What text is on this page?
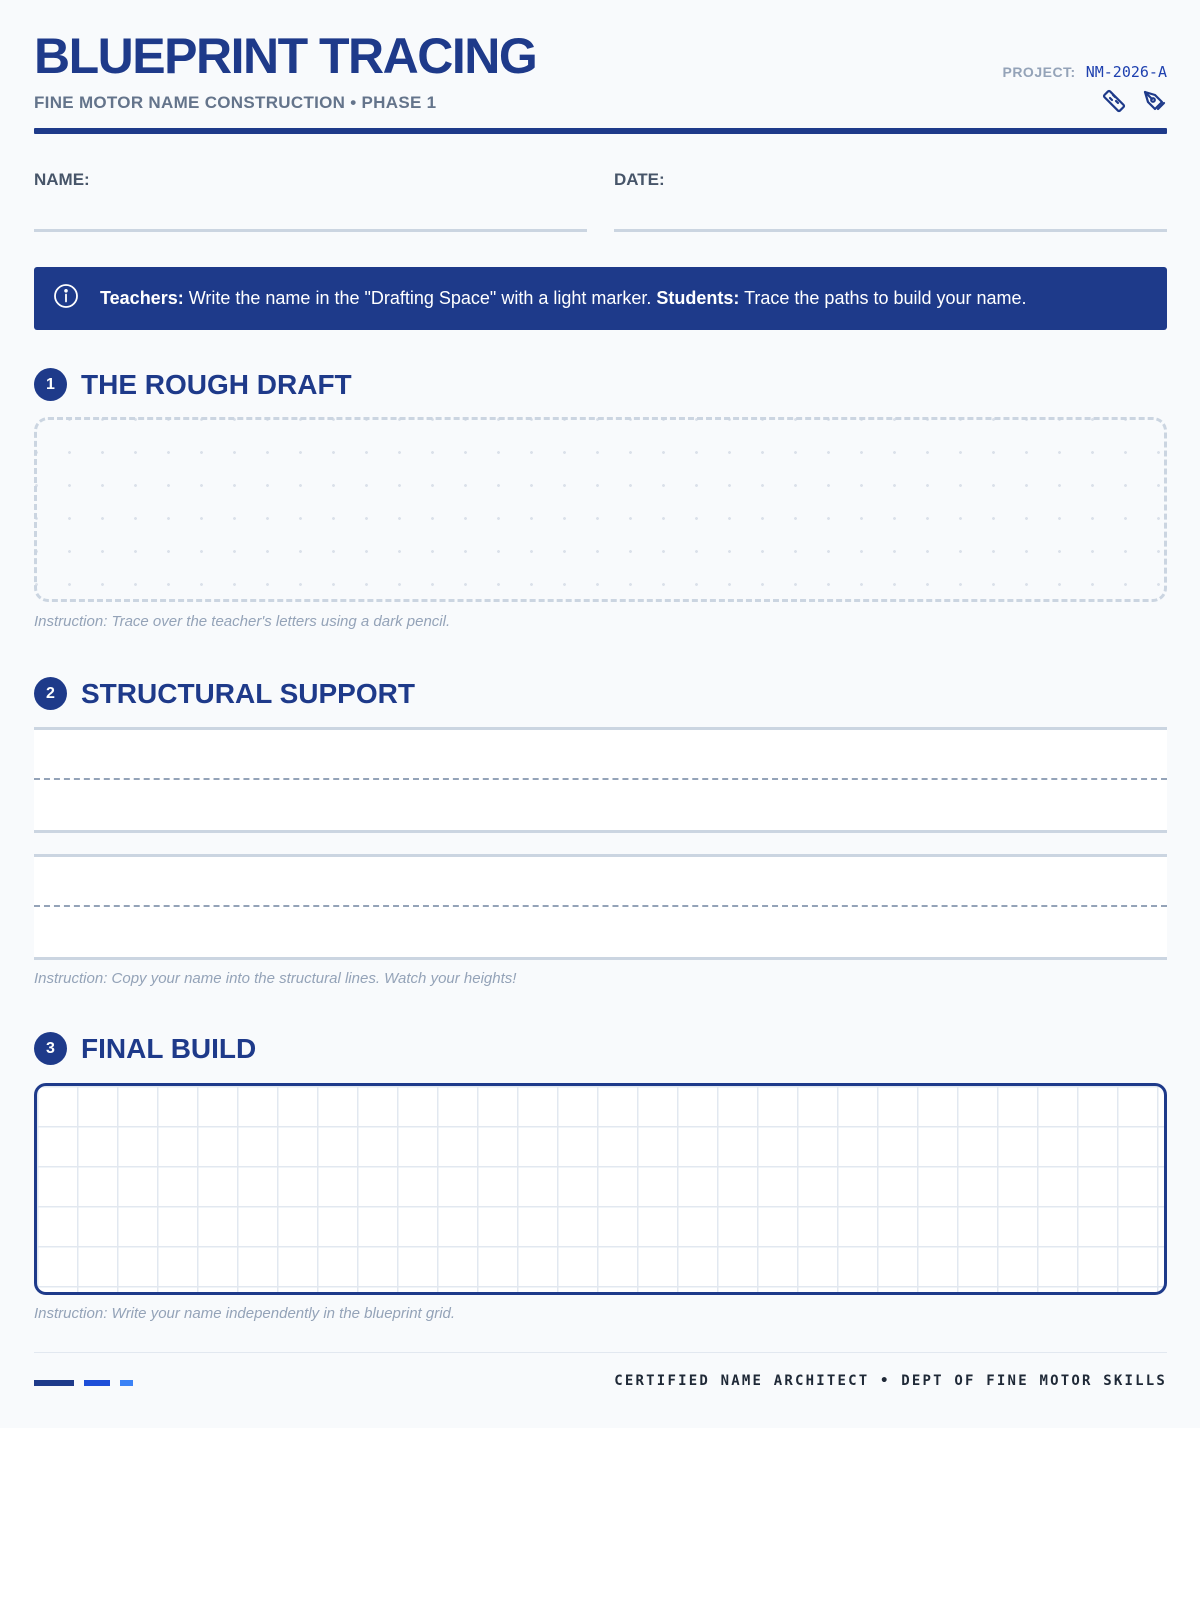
BLUEPRINT TRACING
FINE MOTOR NAME CONSTRUCTION • PHASE 1
PROJECT: NM-2026-A
NAME:	DATE:
Teachers: Write the name in the "Drafting Space" with a light marker. Students: Trace the paths to build your name.
1 THE ROUGH DRAFT
Instruction: Trace over the teacher's letters using a dark pencil.
2 STRUCTURAL SUPPORT
Instruction: Copy your name into the structural lines. Watch your heights!
3 FINAL BUILD
Instruction: Write your name independently in the blueprint grid.
CERTIFIED NAME ARCHITECT • DEPT OF FINE MOTOR SKILLS
